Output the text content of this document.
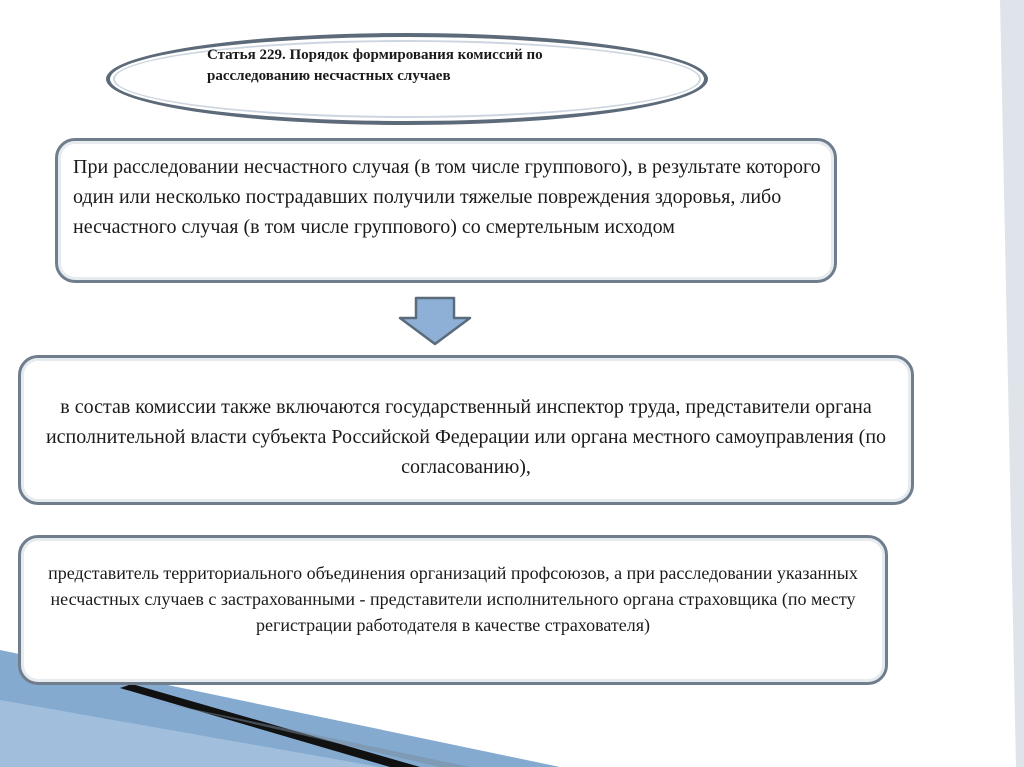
Статья 229. Порядок формирования комиссий по расследованию несчастных случаев
При расследовании несчастного случая (в том числе группового), в результате которого один или несколько пострадавших получили тяжелые повреждения здоровья, либо несчастного случая (в том числе группового) со смертельным исходом
в состав комиссии также включаются государственный инспектор труда, представители органа исполнительной власти субъекта Российской Федерации или органа местного самоуправления (по согласованию),
представитель территориального объединения организаций профсоюзов, а при расследовании указанных несчастных случаев с застрахованными - представители исполнительного органа страховщика (по месту регистрации работодателя в качестве страхователя)
